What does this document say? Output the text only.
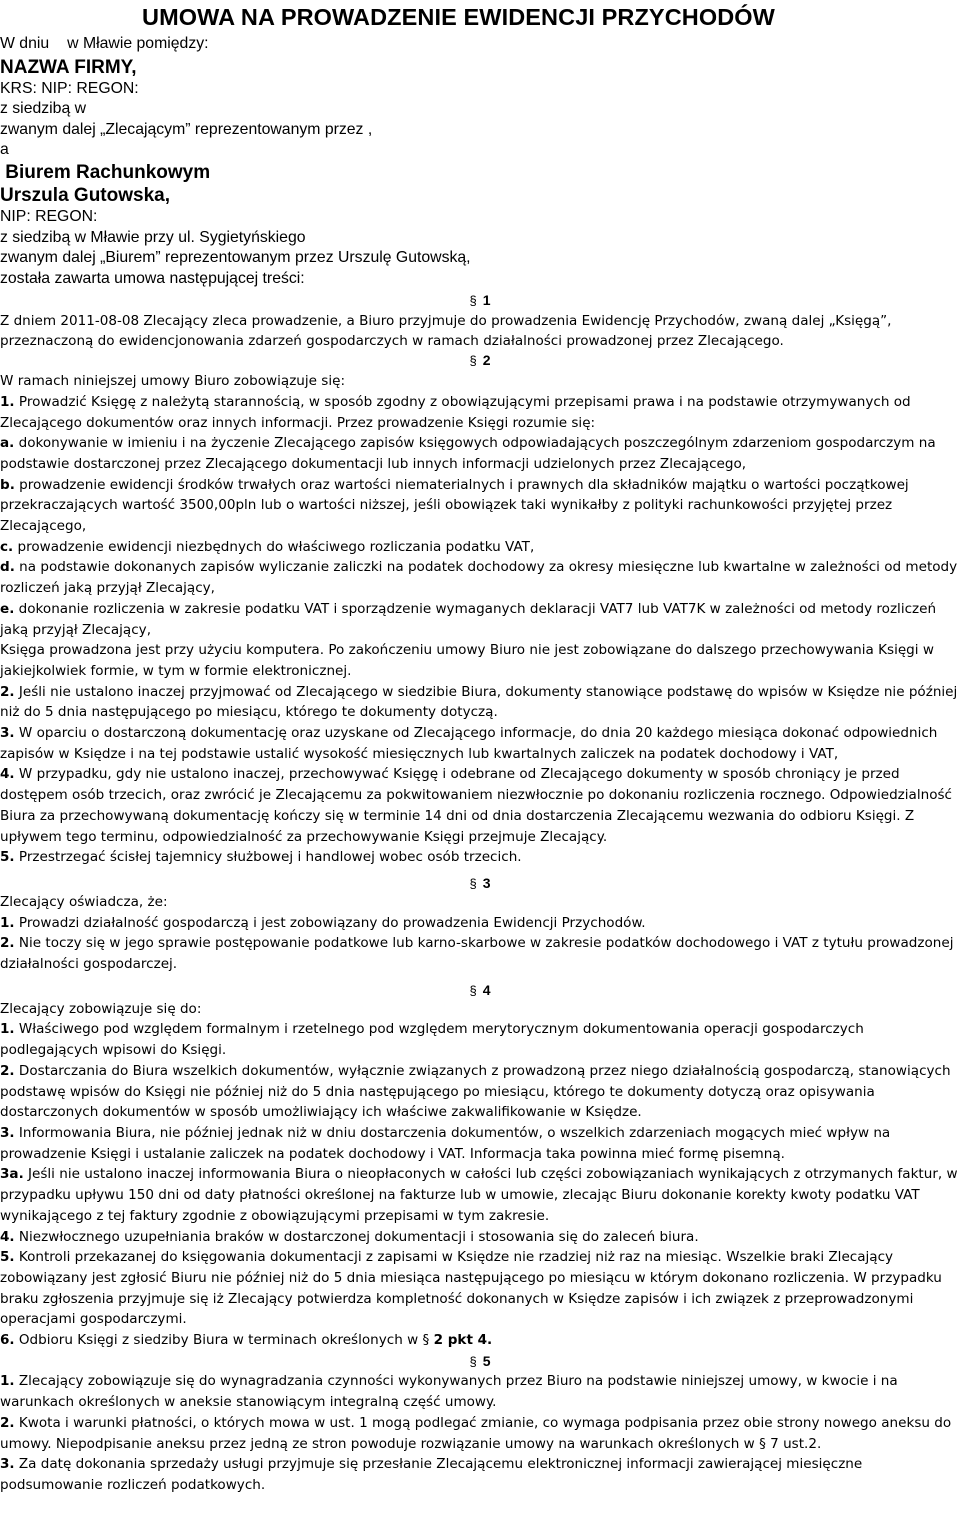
UMOWA NA PROWADZENIE EWIDENCJI PRZYCHODÓW
W dniu w Mławie pomiędzy:
NAZWA FIRMY,
KRS: NIP: REGON:
z siedzibą w
zwanym dalej „Zlecającym” reprezentowanym przez ,
a
Biurem Rachunkowym
Urszula Gutowska,
NIP: REGON:
z siedzibą w Mławie przy ul. Sygietyńskiego
zwanym dalej „Biurem” reprezentowanym przez Urszulę Gutowską,
została zawarta umowa następującej treści:
§ 1

Z dniem 2011-08-08 Zlecający zleca prowadzenie, a Biuro przyjmuje do prowadzenia Ewidencję Przychodów, zwaną dalej „Księgą”, przeznaczoną do ewidencjonowania zdarzeń gospodarczych w ramach działalności prowadzonej przez Zlecającego.

§ 2

W ramach niniejszej umowy Biuro zobowiązuje się:

1. Prowadzić Księgę z należytą starannością, w sposób zgodny z obowiązującymi przepisami prawa i na podstawie otrzymywanych od Zlecającego dokumentów oraz innych informacji. Przez prowadzenie Księgi rozumie się:

a. dokonywanie w imieniu i na życzenie Zlecającego zapisów księgowych odpowiadających poszczególnym zdarzeniom gospodarczym na podstawie dostarczonej przez Zlecającego dokumentacji lub innych informacji udzielonych przez Zlecającego,

b. prowadzenie ewidencji środków trwałych oraz wartości niematerialnych i prawnych dla składników majątku o wartości początkowej przekraczających wartość 3500,00pln lub o wartości niższej, jeśli obowiązek taki wynikałby z polityki rachunkowości przyjętej przez Zlecającego,

c. prowadzenie ewidencji niezbędnych do właściwego rozliczania podatku VAT,

d. na podstawie dokonanych zapisów wyliczanie zaliczki na podatek dochodowy za okresy miesięczne lub kwartalne w zależności od metody rozliczeń jaką przyjął Zlecający,

e. dokonanie rozliczenia w zakresie podatku VAT i sporządzenie wymaganych deklaracji VAT7 lub VAT7K w zależności od metody rozliczeń jaką przyjął Zlecający,

Księga prowadzona jest przy użyciu komputera. Po zakończeniu umowy Biuro nie jest zobowiązane do dalszego przechowywania Księgi w jakiejkolwiek formie, w tym w formie elektronicznej.

2. Jeśli nie ustalono inaczej przyjmować od Zlecającego w siedzibie Biura, dokumenty stanowiące podstawę do wpisów w Księdze nie później niż do 5 dnia następującego po miesiącu, którego te dokumenty dotyczą.

3. W oparciu o dostarczoną dokumentację oraz uzyskane od Zlecającego informacje, do dnia 20 każdego miesiąca dokonać odpowiednich zapisów w Księdze i na tej podstawie ustalić wysokość miesięcznych lub kwartalnych zaliczek na podatek dochodowy i VAT,

4. W przypadku, gdy nie ustalono inaczej, przechowywać Księgę i odebrane od Zlecającego dokumenty w sposób chroniący je przed dostępem osób trzecich, oraz zwrócić je Zlecającemu za pokwitowaniem niezwłocznie po dokonaniu rozliczenia rocznego. Odpowiedzialność Biura za przechowywaną dokumentację kończy się w terminie 14 dni od dnia dostarczenia Zlecającemu wezwania do odbioru Księgi. Z upływem tego terminu, odpowiedzialność za przechowywanie Księgi przejmuje Zlecający.

5. Przestrzegać ścisłej tajemnicy służbowej i handlowej wobec osób trzecich.

§ 3

Zlecający oświadcza, że:

1. Prowadzi działalność gospodarczą i jest zobowiązany do prowadzenia Ewidencji Przychodów.

2. Nie toczy się w jego sprawie postępowanie podatkowe lub karno-skarbowe w zakresie podatków dochodowego i VAT z tytułu prowadzonej działalności gospodarczej.

§ 4

Zlecający zobowiązuje się do:

1. Właściwego pod względem formalnym i rzetelnego pod względem merytorycznym dokumentowania operacji gospodarczych podlegających wpisowi do Księgi.

2. Dostarczania do Biura wszelkich dokumentów, wyłącznie związanych z prowadzoną przez niego działalnością gospodarczą, stanowiących podstawę wpisów do Księgi nie później niż do 5 dnia następującego po miesiącu, którego te dokumenty dotyczą oraz opisywania dostarczonych dokumentów w sposób umożliwiający ich właściwe zakwalifikowanie w Księdze.

3. Informowania Biura, nie później jednak niż w dniu dostarczenia dokumentów, o wszelkich zdarzeniach mogących mieć wpływ na prowadzenie Księgi i ustalanie zaliczek na podatek dochodowy i VAT. Informacja taka powinna mieć formę pisemną.

3a. Jeśli nie ustalono inaczej informowania Biura o nieopłaconych w całości lub części zobowiązaniach wynikających z otrzymanych faktur, w przypadku upływu 150 dni od daty płatności określonej na fakturze lub w umowie, zlecając Biuru dokonanie korekty kwoty podatku VAT wynikającego z tej faktury zgodnie z obowiązującymi przepisami w tym zakresie.

4. Niezwłocznego uzupełniania braków w dostarczonej dokumentacji i stosowania się do zaleceń biura.

5. Kontroli przekazanej do księgowania dokumentacji z zapisami w Księdze nie rzadziej niż raz na miesiąc. Wszelkie braki Zlecający zobowiązany jest zgłosić Biuru nie później niż do 5 dnia miesiąca następującego po miesiącu w którym dokonano rozliczenia. W przypadku braku zgłoszenia przyjmuje się iż Zlecający potwierdza kompletność dokonanych w Księdze zapisów i ich związek z przeprowadzonymi operacjami gospodarczymi.

6. Odbioru Księgi z siedziby Biura w terminach określonych w § 2 pkt 4.

§ 5

1. Zlecający zobowiązuje się do wynagradzania czynności wykonywanych przez Biuro na podstawie niniejszej umowy, w kwocie i na warunkach określonych w aneksie stanowiącym integralną część umowy.

2. Kwota i warunki płatności, o których mowa w ust. 1 mogą podlegać zmianie, co wymaga podpisania przez obie strony nowego aneksu do umowy. Niepodpisanie aneksu przez jedną ze stron powoduje rozwiązanie umowy na warunkach określonych w § 7 ust.2.

3. Za datę dokonania sprzedaży usługi przyjmuje się przesłanie Zlecającemu elektronicznej informacji zawierającej miesięczne podsumowanie rozliczeń podatkowych.
